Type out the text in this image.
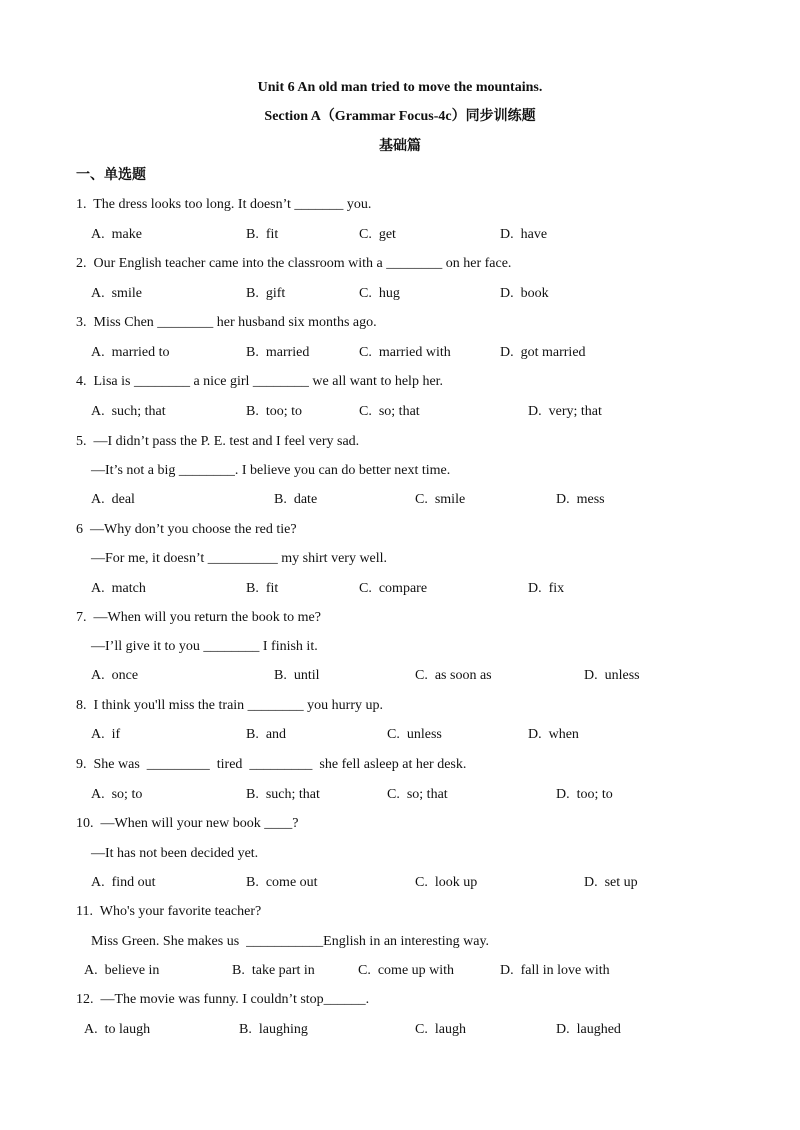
Unit 6 An old man tried to move the mountains.
Section A（Grammar Focus-4c）同步训练题
基础篇
一、单选题
1.  The dress looks too long. It doesn’t _______ you.
A.  make	B.  fit	C.  get	D.  have
2.  Our English teacher came into the classroom with a ________ on her face.
A.  smile	B.  gift	C.  hug	D.  book
3.  Miss Chen ________ her husband six months ago.
A.  married to	B.  married	C.  married with	D.  got married
4.  Lisa is ________ a nice girl ________ we all want to help her.
A.  such; that	B.  too; to	C.  so; that	D.  very; that
5.  —I didn’t pass the P. E. test and I feel very sad.
—It’s not a big ________. I believe you can do better next time.
A.  deal	B.  date	C.  smile	D.  mess
6  —Why don’t you choose the red tie?
—For me, it doesn’t __________ my shirt very well.
A.  match	B.  fit	C.  compare	D.  fix
7.  —When will you return the book to me?
—I’ll give it to you ________ I finish it.
A.  once	B.  until	C.  as soon as	D.  unless
8.  I think you'll miss the train ________ you hurry up.
A.  if	B.  and	C.  unless	D.  when
9.  She was  _________  tired  _________  she fell asleep at her desk.
A.  so; to	B.  such; that	C.  so; that	D.  too; to
10.  —When will your new book ____?
—It has not been decided yet.
A.  find out	B.  come out	C.  look up	D.  set up
11.  Who's your favorite teacher?
Miss Green. She makes us  ___________English in an interesting way.
A.  believe in	B.  take part in	C.  come up with	D.  fall in love with
12.  —The movie was funny. I couldn’t stop______.
A.  to laugh	B.  laughing	C.  laugh	D.  laughed
